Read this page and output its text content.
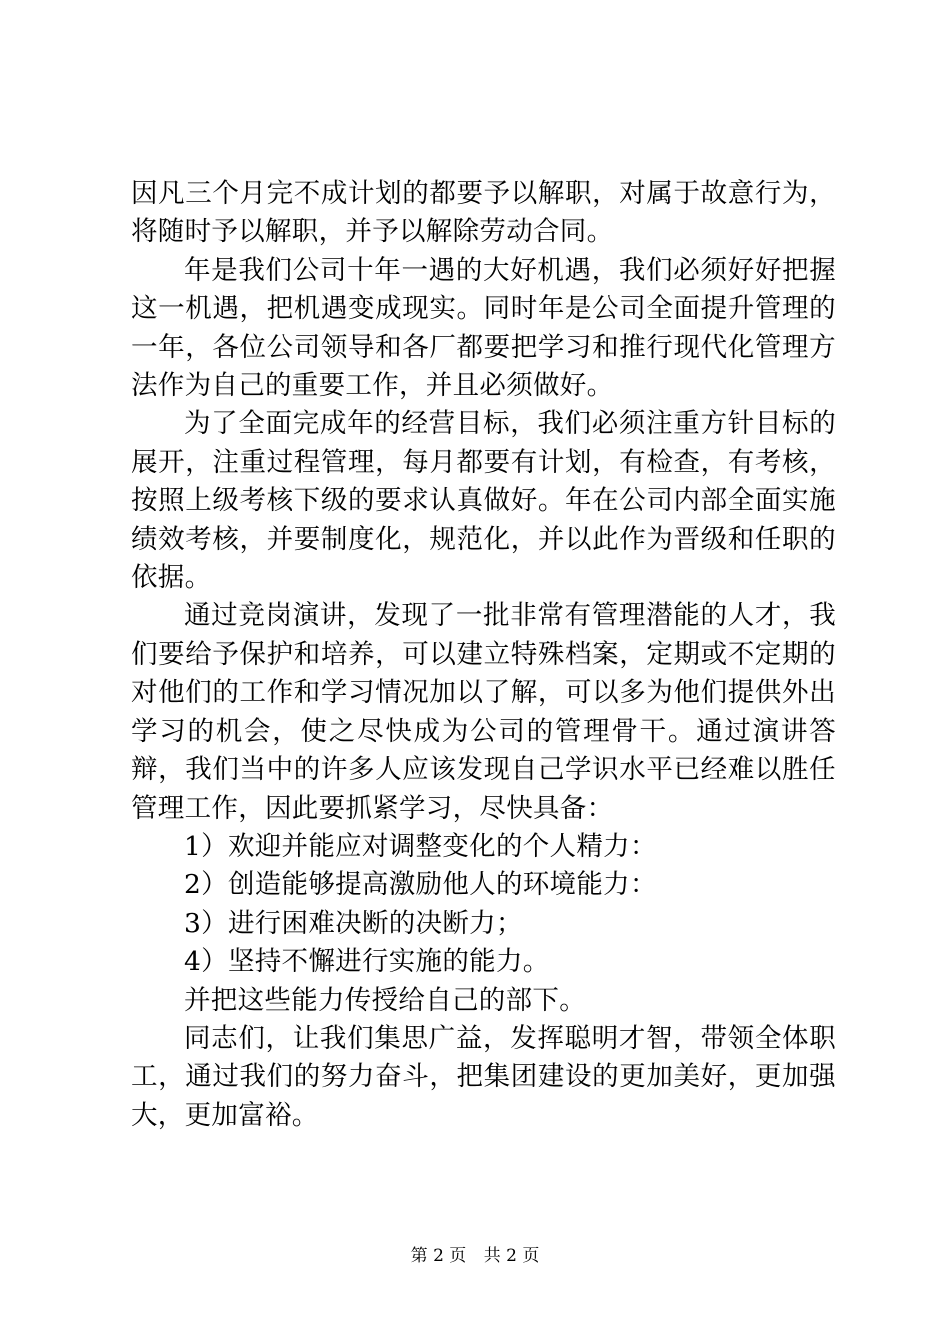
因凡三个月完不成计划的都要予以解职，对属于故意行为，将随时予以解职，并予以解除劳动合同。

年是我们公司十年一遇的大好机遇，我们必须好好把握这一机遇，把机遇变成现实。同时年是公司全面提升管理的一年，各位公司领导和各厂都要把学习和推行现代化管理方法作为自己的重要工作，并且必须做好。

为了全面完成年的经营目标，我们必须注重方针目标的展开，注重过程管理，每月都要有计划，有检查，有考核，按照上级考核下级的要求认真做好。年在公司内部全面实施绩效考核，并要制度化，规范化，并以此作为晋级和任职的依据。

通过竞岗演讲，发现了一批非常有管理潜能的人才，我们要给予保护和培养，可以建立特殊档案，定期或不定期的对他们的工作和学习情况加以了解，可以多为他们提供外出学习的机会，使之尽快成为公司的管理骨干。通过演讲答辩，我们当中的许多人应该发现自己学识水平已经难以胜任管理工作，因此要抓紧学习，尽快具备：

1）欢迎并能应对调整变化的个人精力：

2）创造能够提高激励他人的环境能力：

3）进行困难决断的决断力；

4）坚持不懈进行实施的能力。

并把这些能力传授给自己的部下。

同志们，让我们集思广益，发挥聪明才智，带领全体职工，通过我们的努力奋斗，把集团建设的更加美好，更加强大，更加富裕。

第 2 页 共 2 页
